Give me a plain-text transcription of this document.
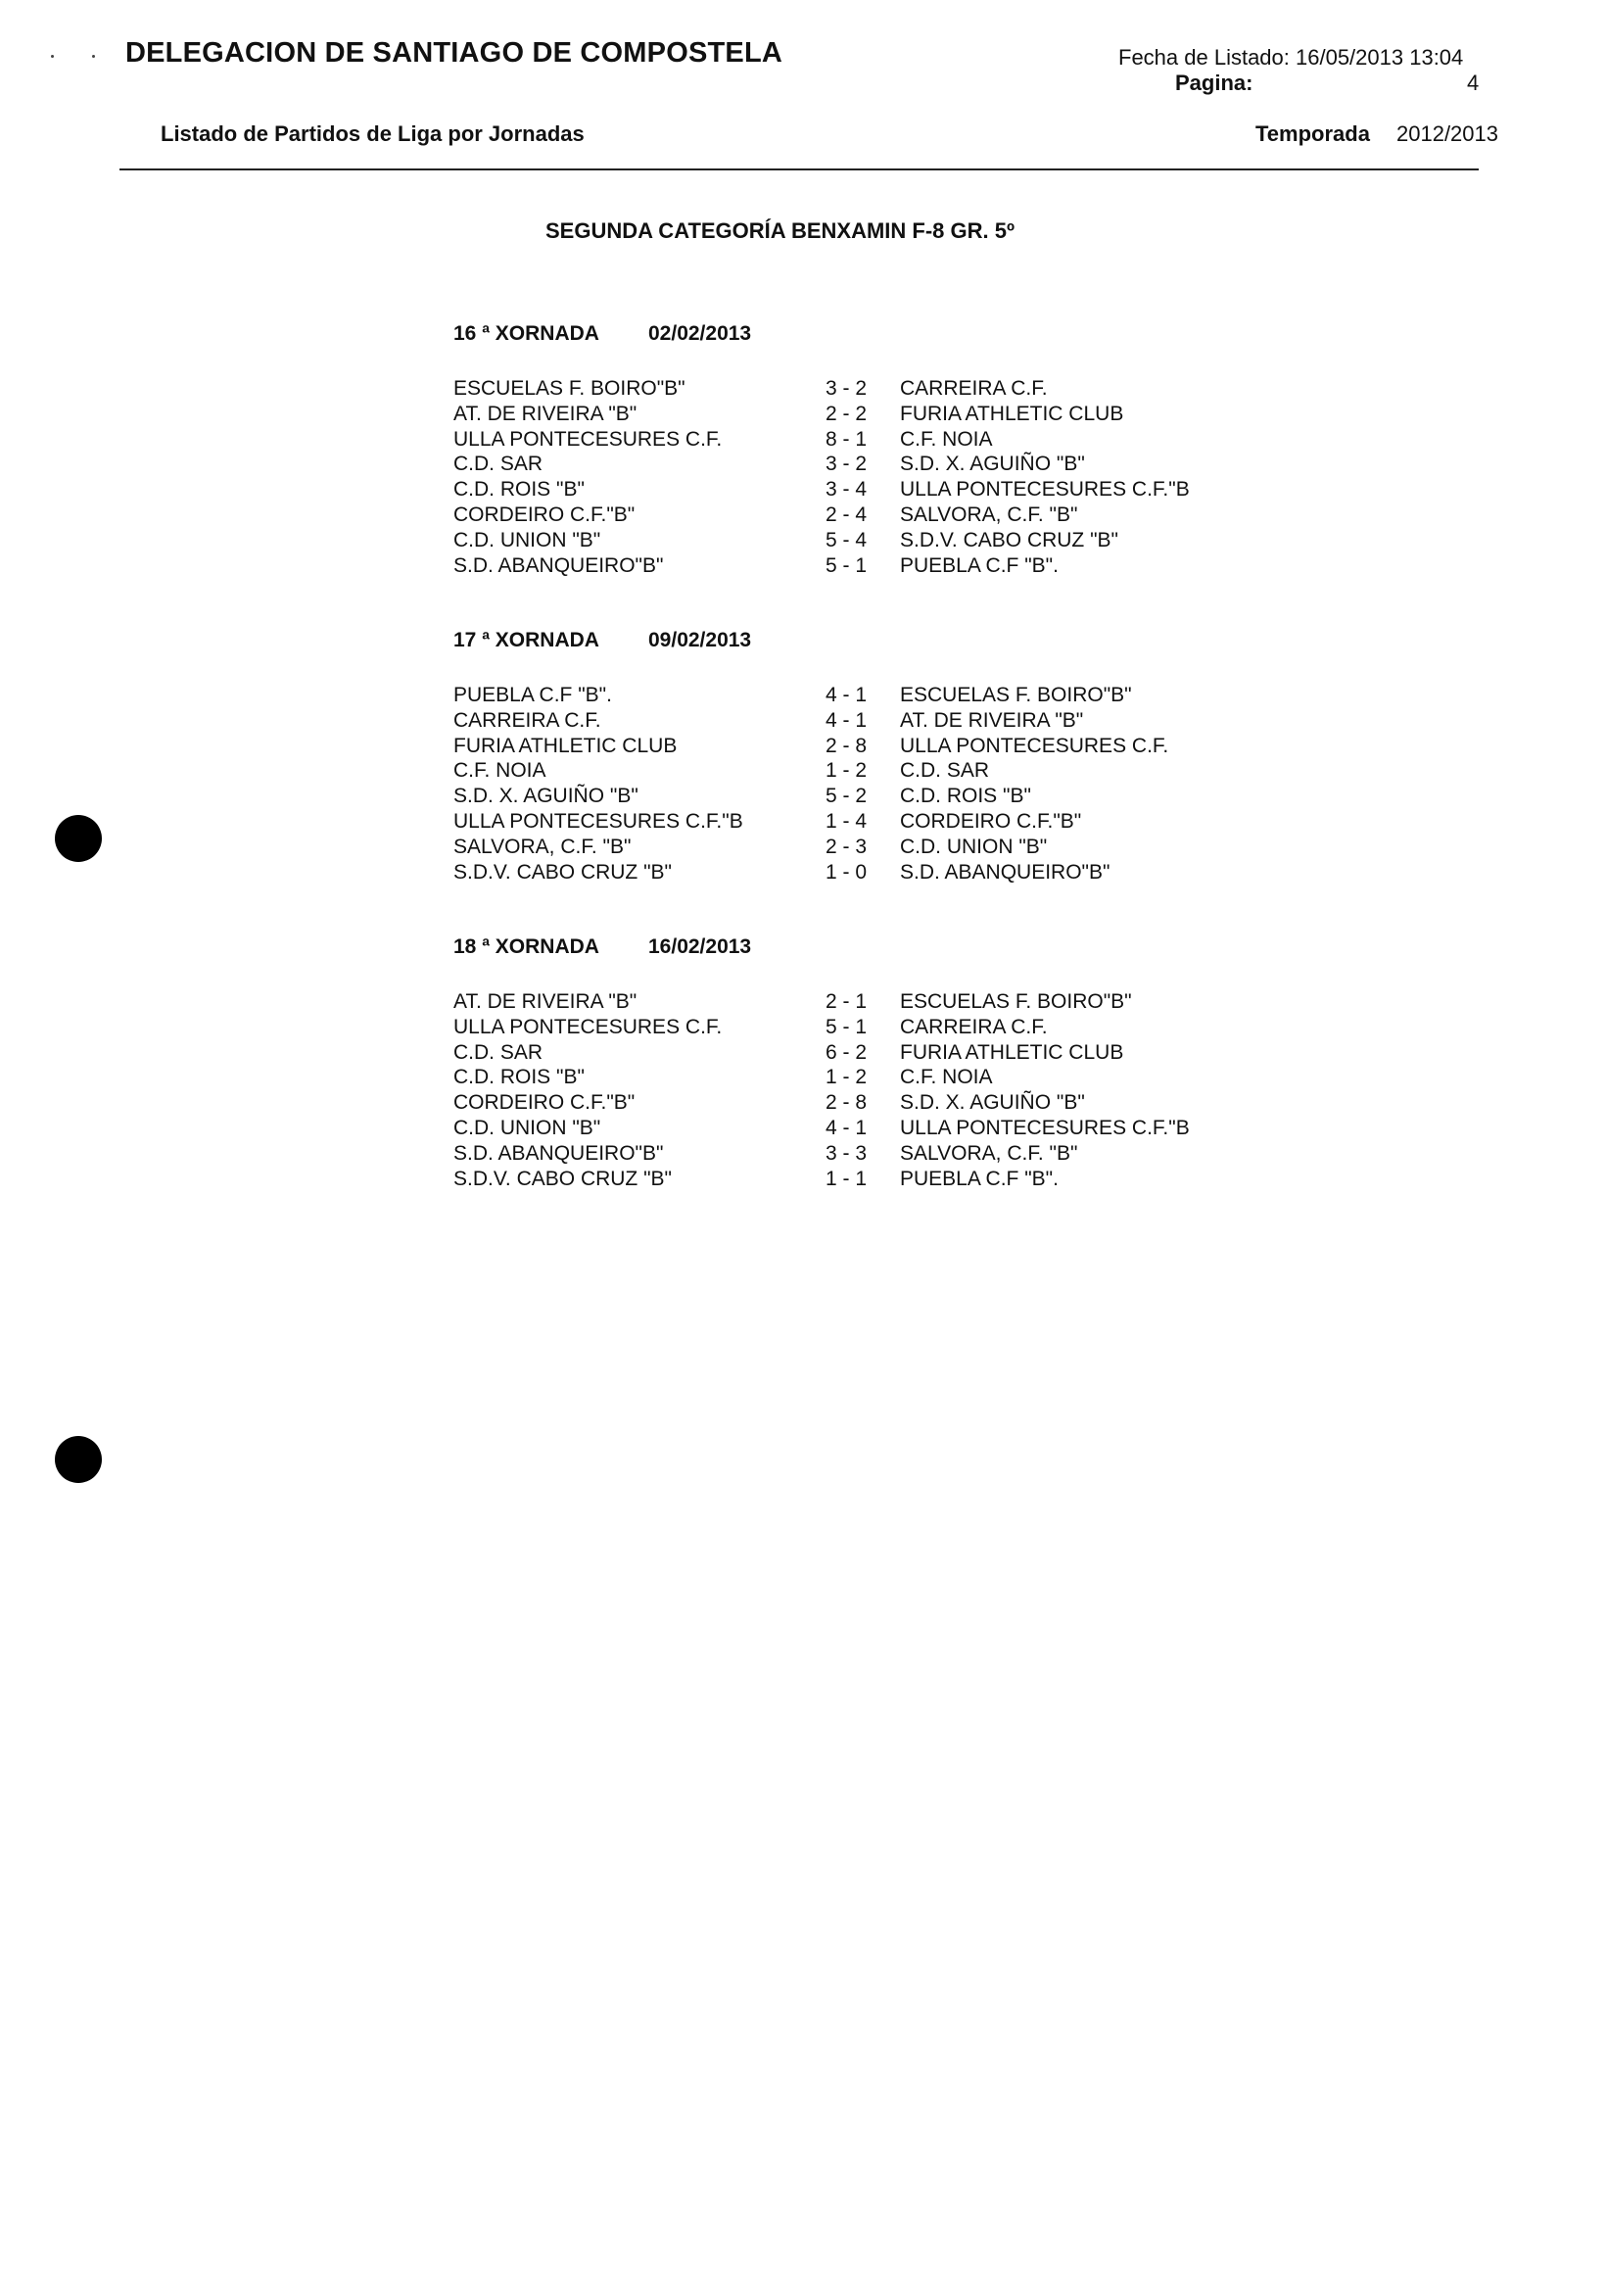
DELEGACION DE SANTIAGO DE COMPOSTELA	Fecha de Listado: 16/05/2013 13:04
Pagina:	4
Listado de Partidos de Liga por Jornadas	Temporada 2012/2013
SEGUNDA CATEGORÍA BENXAMIN F-8 GR. 5º
16 ª XORNADA 02/02/2013
ESCUELAS F. BOIRO"B"	3 - 2 CARREIRA C.F.
AT. DE RIVEIRA "B"	2 - 2 FURIA ATHLETIC CLUB
ULLA PONTECESURES C.F.	8 - 1 C.F. NOIA
C.D. SAR	3 - 2 S.D. X. AGUIÑO "B"
C.D. ROIS "B"	3 - 4 ULLA PONTECESURES C.F."B
CORDEIRO C.F."B"	2 - 4 SALVORA, C.F. "B"
C.D. UNION "B"	5 - 4 S.D.V. CABO CRUZ "B"
S.D. ABANQUEIRO"B"	5 - 1 PUEBLA C.F "B".
17 ª XORNADA 09/02/2013
PUEBLA C.F "B".	4 - 1 ESCUELAS F. BOIRO"B"
CARREIRA C.F.	4 - 1 AT. DE RIVEIRA "B"
FURIA ATHLETIC CLUB	2 - 8 ULLA PONTECESURES C.F.
C.F. NOIA	1 - 2 C.D. SAR
S.D. X. AGUIÑO "B"	5 - 2 C.D. ROIS "B"
ULLA PONTECESURES C.F."B	1 - 4 CORDEIRO C.F."B"
SALVORA, C.F. "B"	2 - 3 C.D. UNION "B"
S.D.V. CABO CRUZ "B"	1 - 0 S.D. ABANQUEIRO"B"
18 ª XORNADA 16/02/2013
AT. DE RIVEIRA "B"	2 - 1 ESCUELAS F. BOIRO"B"
ULLA PONTECESURES C.F.	5 - 1 CARREIRA C.F.
C.D. SAR	6 - 2 FURIA ATHLETIC CLUB
C.D. ROIS "B"	1 - 2 C.F. NOIA
CORDEIRO C.F."B"	2 - 8 S.D. X. AGUIÑO "B"
C.D. UNION "B"	4 - 1 ULLA PONTECESURES C.F."B
S.D. ABANQUEIRO"B"	3 - 3 SALVORA, C.F. "B"
S.D.V. CABO CRUZ "B"	1 - 1 PUEBLA C.F "B".
